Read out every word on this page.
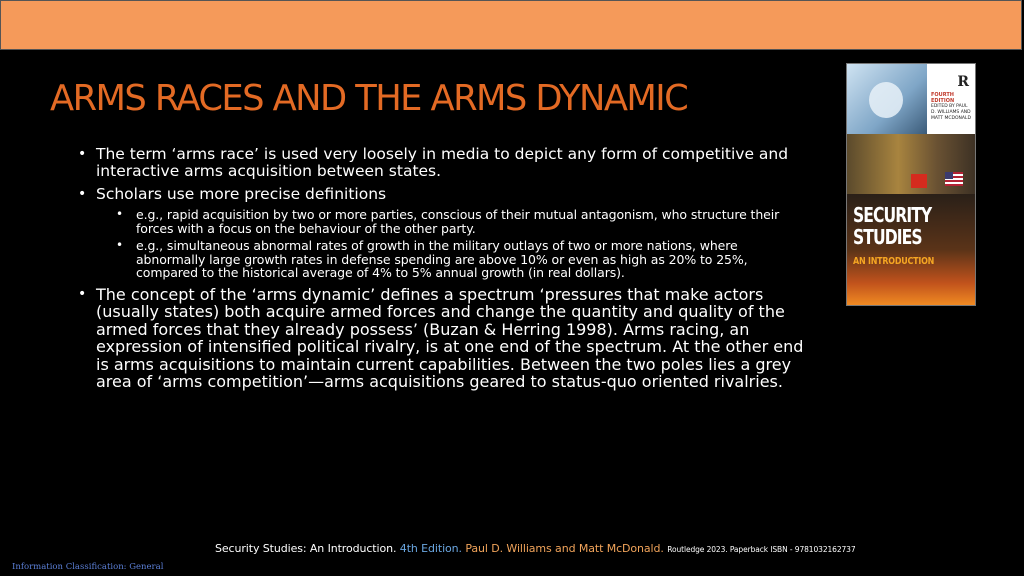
ARMS RACES AND THE ARMS DYNAMIC
• The term ‘arms race’ is used very loosely in media to depict any form of competitive and interactive arms acquisition between states.
• Scholars use more precise definitions
• e.g., rapid acquisition by two or more parties, conscious of their mutual antagonism, who structure their forces with a focus on the behaviour of the other party.
• e.g., simultaneous abnormal rates of growth in the military outlays of two or more nations, where abnormally large growth rates in defense spending are above 10% or even as high as 20% to 25%, compared to the historical average of 4% to 5% annual growth (in real dollars).
• The concept of the ‘arms dynamic’ defines a spectrum ‘pressures that make actors (usually states) both acquire armed forces and change the quantity and quality of the armed forces that they already possess’ (Buzan & Herring 1998). Arms racing, an expression of intensified political rivalry, is at one end of the spectrum. At the other end is arms acquisitions to maintain current capabilities. Between the two poles lies a grey area of ‘arms competition’—arms acquisitions geared to status-quo oriented rivalries.
R
FOURTH EDITION
EDITED BY PAUL D. WILLIAMS AND MATT MCDONALD
SECURITY
STUDIES
AN INTRODUCTION
Security Studies: An Introduction. 4th Edition. Paul D. Williams and Matt McDonald. Routledge 2023. Paperback ISBN - 9781032162737
Information Classification: General
